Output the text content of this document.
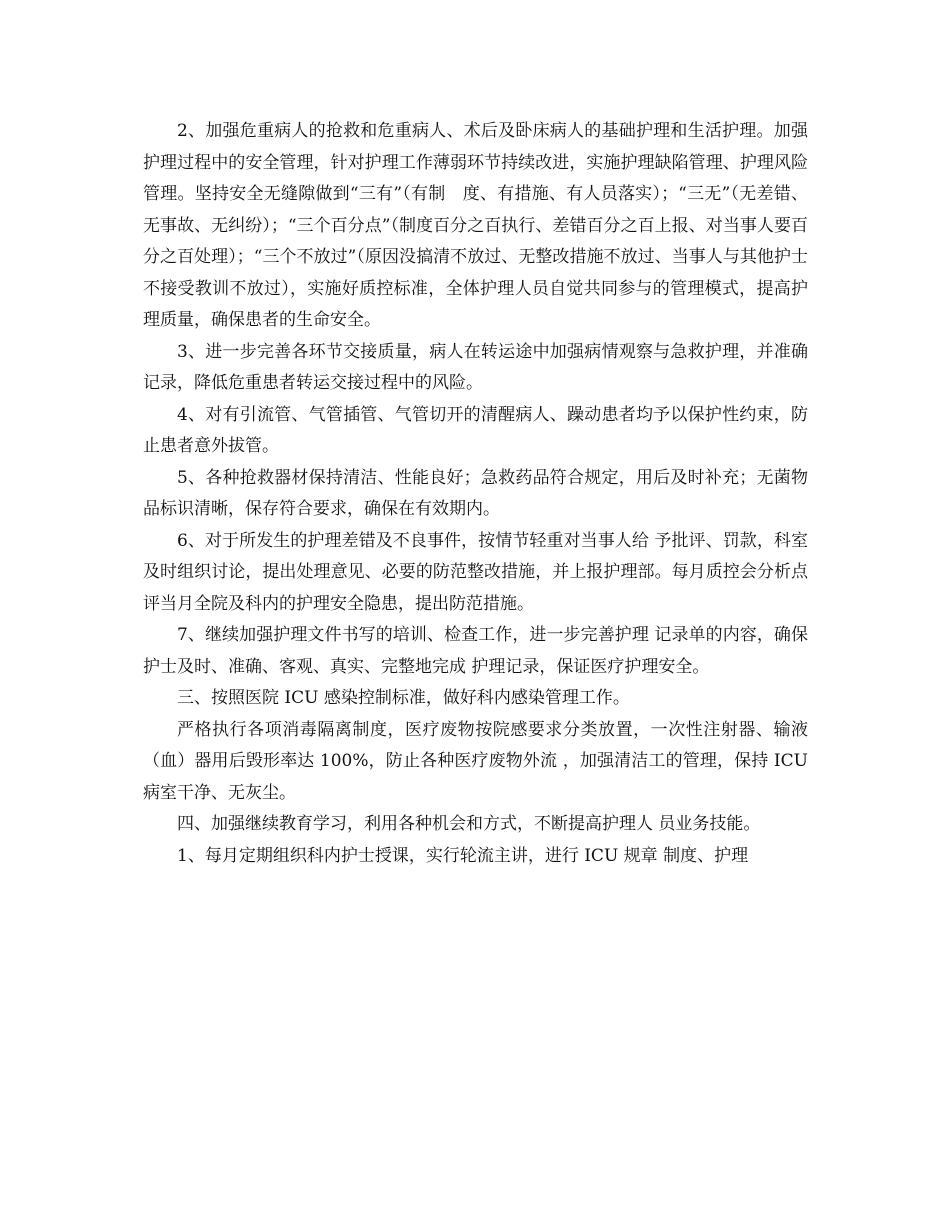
2、加强危重病人的抢救和危重病人、术后及卧床病人的基础护理和生活护理。加强护理过程中的安全管理，针对护理工作薄弱环节持续改进，实施护理缺陷管理、护理风险管理。坚持安全无缝隙做到“三有”（有制　度、有措施、有人员落实）；“三无”（无差错、无事故、无纠纷）；“三个百分点”（制度百分之百执行、差错百分之百上报、对当事人要百分之百处理）；“三个不放过”（原因没搞清不放过、无整改措施不放过、当事人与其他护士不接受教训不放过），实施好质控标准，全体护理人员自觉共同参与的管理模式，提高护理质量，确保患者的生命安全。

3、进一步完善各环节交接质量，病人在转运途中加强病情观察与急救护理，并准确记录，降低危重患者转运交接过程中的风险。

4、对有引流管、气管插管、气管切开的清醒病人、躁动患者均予以保护性约束，防止患者意外拔管。

5、各种抢救器材保持清洁、性能良好；急救药品符合规定，用后及时补充；无菌物品标识清晰，保存符合要求，确保在有效期内。

6、对于所发生的护理差错及不良事件，按情节轻重对当事人给 予批评、罚款，科室及时组织讨论，提出处理意见、必要的防范整改措施，并上报护理部。每月质控会分析点评当月全院及科内的护理安全隐患，提出防范措施。

7、继续加强护理文件书写的培训、检查工作，进一步完善护理 记录单的内容，确保护士及时、准确、客观、真实、完整地完成 护理记录，保证医疗护理安全。

三、按照医院 ICU 感染控制标准，做好科内感染管理工作。

严格执行各项消毒隔离制度，医疗废物按院感要求分类放置，一次性注射器、输液（血）器用后毁形率达 100%，防止各种医疗废物外流 ，加强清洁工的管理，保持 ICU 病室干净、无灰尘。

四、加强继续教育学习，利用各种机会和方式，不断提高护理人 员业务技能。

1、每月定期组织科内护士授课，实行轮流主讲，进行 ICU 规章 制度、护理
